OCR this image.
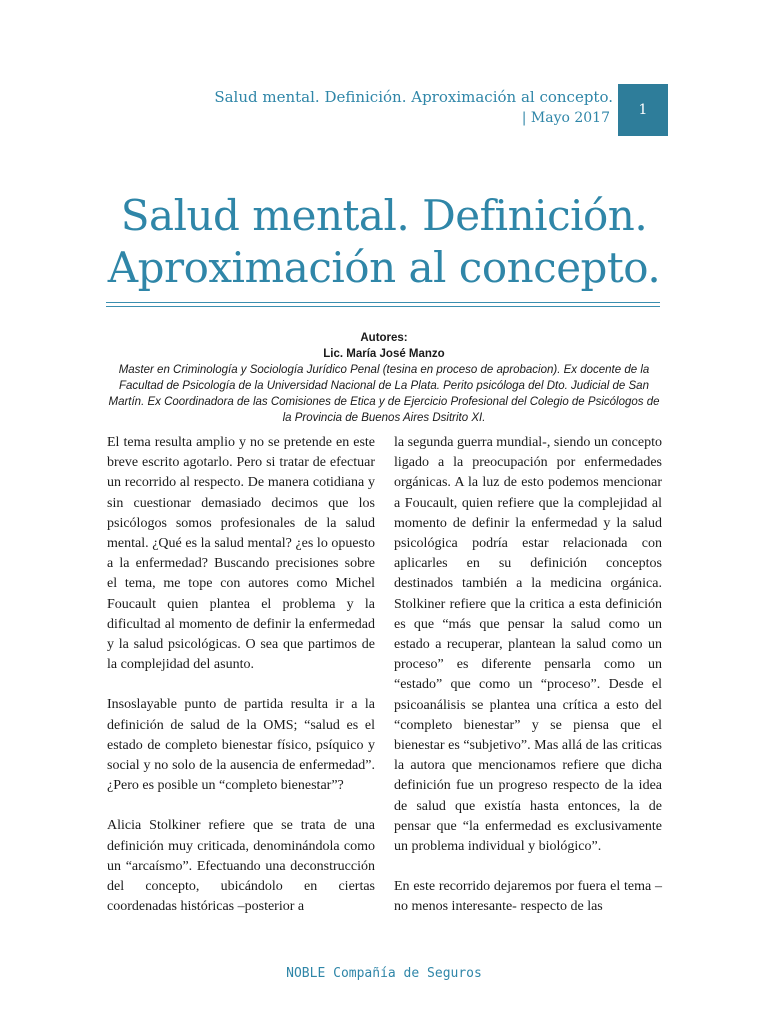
Salud mental. Definición. Aproximación al concepto.
| Mayo 2017 1
Salud mental. Definición.
Aproximación al concepto.
Autores:
Lic. María José Manzo
Master en Criminología y Sociología Jurídico Penal (tesina en proceso de aprobacion). Ex docente de la Facultad de Psicología de la Universidad Nacional de La Plata. Perito psicóloga del Dto. Judicial de San Martín. Ex Coordinadora de las Comisiones de Etica y de Ejercicio Profesional del Colegio de Psicólogos de la Provincia de Buenos Aires Dsitrito XI.

El tema resulta amplio y no se pretende en este breve escrito agotarlo. Pero si tratar de efectuar un recorrido al respecto. De manera cotidiana y sin cuestionar demasiado decimos que los psicólogos somos profesionales de la salud mental. ¿Qué es la salud mental? ¿es lo opuesto a la enfermedad? Buscando precisiones sobre el tema, me tope con autores como Michel Foucault quien plantea el problema y la dificultad al momento de definir la enfermedad y la salud psicológicas. O sea que partimos de la complejidad del asunto.

Insoslayable punto de partida resulta ir a la definición de salud de la OMS; “salud es el estado de completo bienestar físico, psíquico y social y no solo de la ausencia de enfermedad”. ¿Pero es posible un “completo bienestar”?

Alicia Stolkiner refiere que se trata de una definición muy criticada, denominándola como un “arcaísmo”. Efectuando una deconstrucción del concepto, ubicándolo en ciertas coordenadas históricas –posterior a

la segunda guerra mundial-, siendo un concepto ligado a la preocupación por enfermedades orgánicas. A la luz de esto podemos mencionar a Foucault, quien refiere que la complejidad al momento de definir la enfermedad y la salud psicológica podría estar relacionada con aplicarles en su definición conceptos destinados también a la medicina orgánica. Stolkiner refiere que la critica a esta definición es que “más que pensar la salud como un estado a recuperar, plantean la salud como un proceso” es diferente pensarla como un “estado” que como un “proceso”. Desde el psicoanálisis se plantea una crítica a esto del “completo bienestar” y se piensa que el bienestar es “subjetivo”. Mas allá de las criticas la autora que mencionamos refiere que dicha definición fue un progreso respecto de la idea de salud que existía hasta entonces, la de pensar que “la enfermedad es exclusivamente un problema individual y biológico”.

En este recorrido dejaremos por fuera el tema –no menos interesante- respecto de las

NOBLE Compañía de Seguros
